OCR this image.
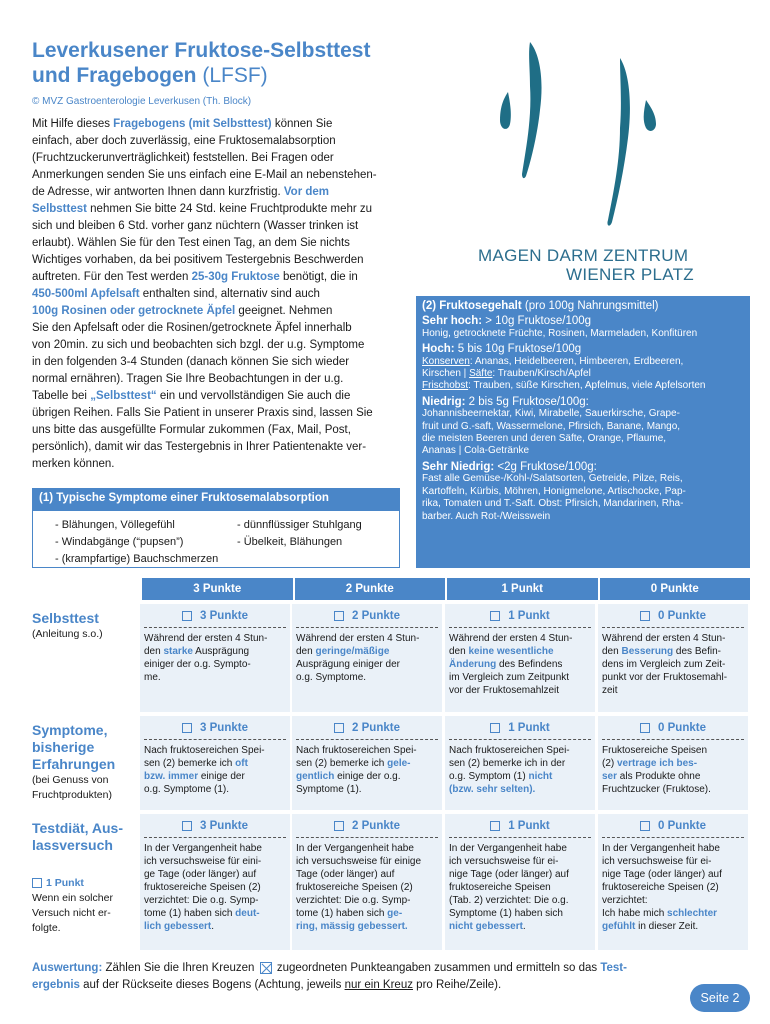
Leverkusener Fruktose-Selbsttest
und Fragebogen (LFSF)
© MVZ Gastroenterologie Leverkusen (Th. Block)
Mit Hilfe dieses Fragebogens (mit Selbsttest) können Sie
einfach, aber doch zuverlässig, eine Fruktosemalabsorption
(Fruchtzuckerunverträglichkeit) feststellen. Bei Fragen oder
Anmerkungen senden Sie uns einfach eine E-Mail an nebenstehen-
de Adresse, wir antworten Ihnen dann kurzfristig. Vor dem
Selbsttest nehmen Sie bitte 24 Std. keine Fruchtprodukte mehr zu
sich und bleiben 6 Std. vorher ganz nüchtern (Wasser trinken ist
erlaubt). Wählen Sie für den Test einen Tag, an dem Sie nichts
Wichtiges vorhaben, da bei positivem Testergebnis Beschwerden
auftreten. Für den Test werden 25-30g Fruktose benötigt, die in
450-500ml Apfelsaft enthalten sind, alternativ sind auch
100g Rosinen oder getrocknete Äpfel geeignet. Nehmen
Sie den Apfelsaft oder die Rosinen/getrocknete Äpfel innerhalb
von 20min. zu sich und beobachten sich bzgl. der u.g. Symptome
in den folgenden 3-4 Stunden (danach können Sie sich wieder
normal ernähren). Tragen Sie Ihre Beobachtungen in der u.g.
Tabelle bei „Selbsttest“ ein und vervollständigen Sie auch die
übrigen Reihen. Falls Sie Patient in unserer Praxis sind, lassen Sie
uns bitte das ausgefüllte Formular zukommen (Fax, Mail, Post,
persönlich), damit wir das Testergebnis in Ihrer Patientenakte ver-
merken können.
MAGEN DARM ZENTRUM
WIENER PLATZ
(2) Fruktosegehalt (pro 100g Nahrungsmittel)
Sehr hoch: > 10g Fruktose/100g
Honig, getrocknete Früchte, Rosinen, Marmeladen, Konfitüren
Hoch: 5 bis 10g Fruktose/100g
Konserven: Ananas, Heidelbeeren, Himbeeren, Erdbeeren,
Kirschen | Säfte: Trauben/Kirsch/Apfel
Frischobst: Trauben, süße Kirschen, Apfelmus, viele Apfelsorten
Niedrig: 2 bis 5g Fruktose/100g:
Johannisbeernektar, Kiwi, Mirabelle, Sauerkirsche, Grape-
fruit und G.-saft, Wassermelone, Pfirsich, Banane, Mango,
die meisten Beeren und deren Säfte, Orange, Pflaume,
Ananas | Cola-Getränke
Sehr Niedrig: <2g Fruktose/100g:
Fast alle Gemüse-/Kohl-/Salatsorten, Getreide, Pilze, Reis,
Kartoffeln, Kürbis, Möhren, Honigmelone, Artischocke, Pap-
rika, Tomaten und T.-Saft. Obst: Pfirsich, Mandarinen, Rha-
barber. Auch Rot-/Weisswein
(1) Typische Symptome einer Fruktosemalabsorption
- Blähungen, Völlegefühl	- dünnflüssiger Stuhlgang
- Windabgänge (“pupsen”)	- Übelkeit, Blähungen
- (krampfartige) Bauchschmerzen
3 Punkte	2 Punkte	1 Punkt	0 Punkte
Selbsttest
(Anleitung s.o.)
3 Punkte
Während der ersten 4 Stun-
den starke Ausprägung
einiger der o.g. Sympto-
me.
2 Punkte
Während der ersten 4 Stun-
den geringe/mäßige
Ausprägung einiger der
o.g. Symptome.
1 Punkt
Während der ersten 4 Stun-
den keine wesentliche
Änderung des Befindens
im Vergleich zum Zeitpunkt
vor der Fruktosemahlzeit
0 Punkte
Während der ersten 4 Stun-
den Besserung des Befin-
dens im Vergleich zum Zeit-
punkt vor der Fruktosemahl-
zeit
Symptome,
bisherige
Erfahrungen
(bei Genuss von
Fruchtprodukten)
3 Punkte
Nach fruktosereichen Spei-
sen (2) bemerke ich oft
bzw. immer einige der
o.g. Symptome (1).
2 Punkte
Nach fruktosereichen Spei-
sen (2) bemerke ich gele-
gentlich einige der o.g.
Symptome (1).
1 Punkt
Nach fruktosereichen Spei-
sen (2) bemerke ich in der
o.g. Symptom (1) nicht
(bzw. sehr selten).
0 Punkte
Fruktosereiche Speisen
(2) vertrage ich bes-
ser als Produkte ohne
Fruchtzucker (Fruktose).
Testdiät, Aus-
lassversuch
1 Punkt
Wenn ein solcher
Versuch nicht er-
folgte.
3 Punkte
In der Vergangenheit habe
ich versuchsweise für eini-
ge Tage (oder länger) auf
fruktosereiche Speisen (2)
verzichtet: Die o.g. Symp-
tome (1) haben sich deut-
lich gebessert.
2 Punkte
In der Vergangenheit habe
ich versuchsweise für einige
Tage (oder länger) auf
fruktosereiche Speisen (2)
verzichtet: Die o.g. Symp-
tome (1) haben sich ge-
ring, mässig gebessert.
1 Punkt
In der Vergangenheit habe
ich versuchsweise für ei-
nige Tage (oder länger) auf
fruktosereiche Speisen
(Tab. 2) verzichtet: Die o.g.
Symptome (1) haben sich
nicht gebessert.
0 Punkte
In der Vergangenheit habe
ich versuchsweise für ei-
nige Tage (oder länger) auf
fruktosereiche Speisen (2)
verzichtet:
Ich habe mich schlechter
gefühlt in dieser Zeit.
Auswertung: Zählen Sie die Ihren Kreuzen  zugeordneten Punkteangaben zusammen und ermitteln so das Test-
ergebnis auf der Rückseite dieses Bogens (Achtung, jeweils nur ein Kreuz pro Reihe/Zeile).
Seite 2
